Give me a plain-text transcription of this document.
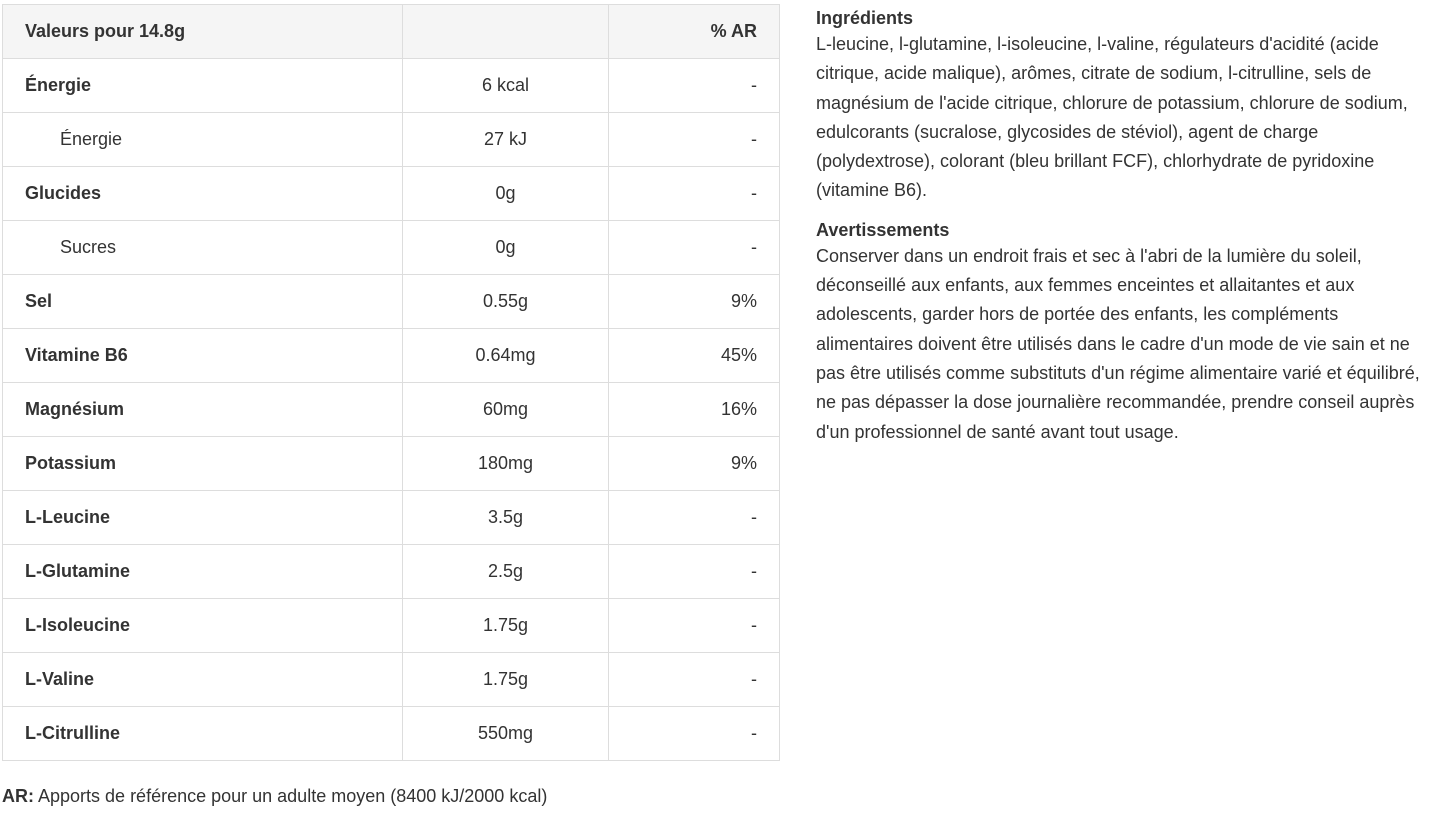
Valeurs pour 14.8g		% AR
Énergie	6 kcal	-
Énergie	27 kJ	-
Glucides	0g	-
Sucres	0g	-
Sel	0.55g	9%
Vitamine B6	0.64mg	45%
Magnésium	60mg	16%
Potassium	180mg	9%
L-Leucine	3.5g	-
L-Glutamine	2.5g	-
L-Isoleucine	1.75g	-
L-Valine	1.75g	-
L-Citrulline	550mg	-
AR: Apports de référence pour un adulte moyen (8400 kJ/2000 kcal)
Ingrédients

L-leucine, l-glutamine, l-isoleucine, l-valine, régulateurs d'acidité (acide citrique, acide malique), arômes, citrate de sodium, l-citrulline, sels de magnésium de l'acide citrique, chlorure de potassium, chlorure de sodium, edulcorants (sucralose, glycosides de stéviol), agent de charge (polydextrose), colorant (bleu brillant FCF), chlorhydrate de pyridoxine (vitamine B6).

Avertissements

Conserver dans un endroit frais et sec à l'abri de la lumière du soleil, déconseillé aux enfants, aux femmes enceintes et allaitantes et aux adolescents, garder hors de portée des enfants, les compléments alimentaires doivent être utilisés dans le cadre d'un mode de vie sain et ne pas être utilisés comme substituts d'un régime alimentaire varié et équilibré, ne pas dépasser la dose journalière recommandée, prendre conseil auprès d'un professionnel de santé avant tout usage.
